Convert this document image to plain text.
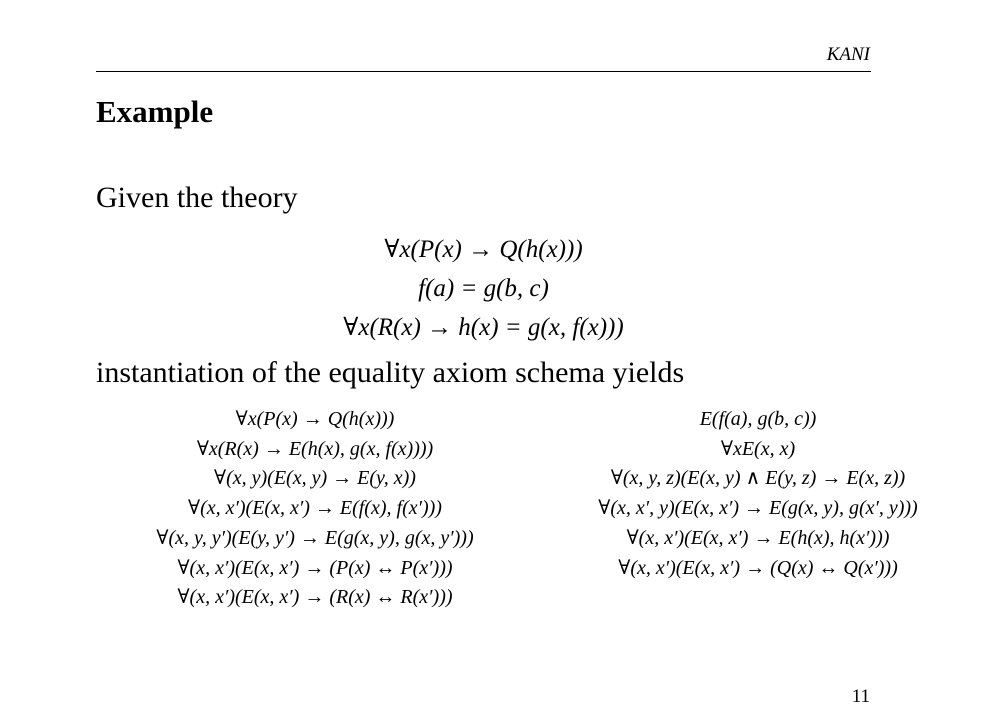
KANI
Example
Given the theory
∀x(P(x) → Q(h(x)))
f(a) = g(b, c)
∀x(R(x) → h(x) = g(x, f(x)))
instantiation of the equality axiom schema yields
∀x(P(x) → Q(h(x)))
∀x(R(x) → E(h(x), g(x, f(x))))
∀(x, y)(E(x, y) → E(y, x))
∀(x, x′)(E(x, x′) → E(f(x), f(x′)))
∀(x, y, y′)(E(y, y′) → E(g(x, y), g(x, y′)))
∀(x, x′)(E(x, x′) → (P(x) ↔ P(x′)))
∀(x, x′)(E(x, x′) → (R(x) ↔ R(x′)))
E(f(a), g(b, c))
∀xE(x, x)
∀(x, y, z)(E(x, y) ∧ E(y, z) → E(x, z))
∀(x, x′, y)(E(x, x′) → E(g(x, y), g(x′, y)))
∀(x, x′)(E(x, x′) → E(h(x), h(x′)))
∀(x, x′)(E(x, x′) → (Q(x) ↔ Q(x′)))
11
